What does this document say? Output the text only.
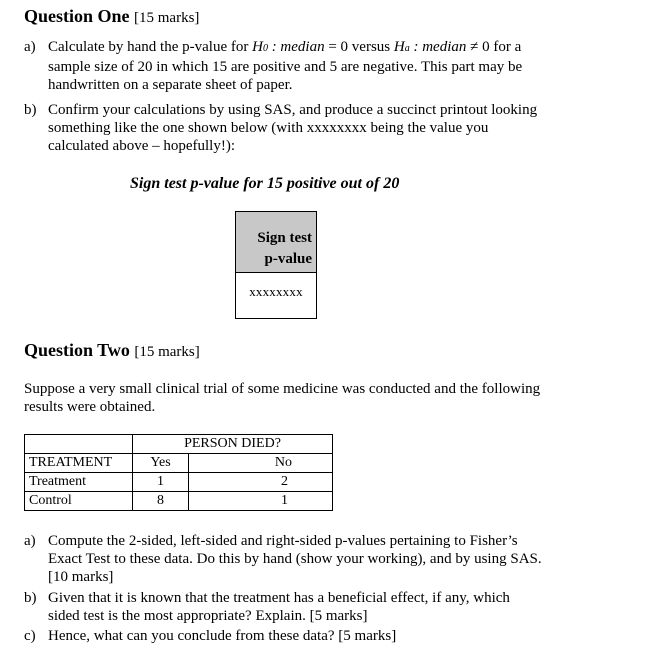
Question One [15 marks]
a) Calculate by hand the p-value for H0 : median = 0 versus Ha : median ≠ 0 for a
sample size of 20 in which 15 are positive and 5 are negative. This part may be
handwritten on a separate sheet of paper.
b) Confirm your calculations by using SAS, and produce a succinct printout looking
something like the one shown below (with xxxxxxxx being the value you
calculated above – hopefully!):
Sign test p-value for 15 positive out of 20
Sign test
p-value
xxxxxxxx
Question Two [15 marks]
Suppose a very small clinical trial of some medicine was conducted and the following
results were obtained.
	PERSON DIED?	
TREATMENT	Yes	No
Treatment	1	2
Control	8	1
a) Compute the 2-sided, left-sided and right-sided p-values pertaining to Fisher’s
Exact Test to these data. Do this by hand (show your working), and by using SAS.
[10 marks]
b) Given that it is known that the treatment has a beneficial effect, if any, which
sided test is the most appropriate? Explain. [5 marks]
c) Hence, what can you conclude from these data? [5 marks]
